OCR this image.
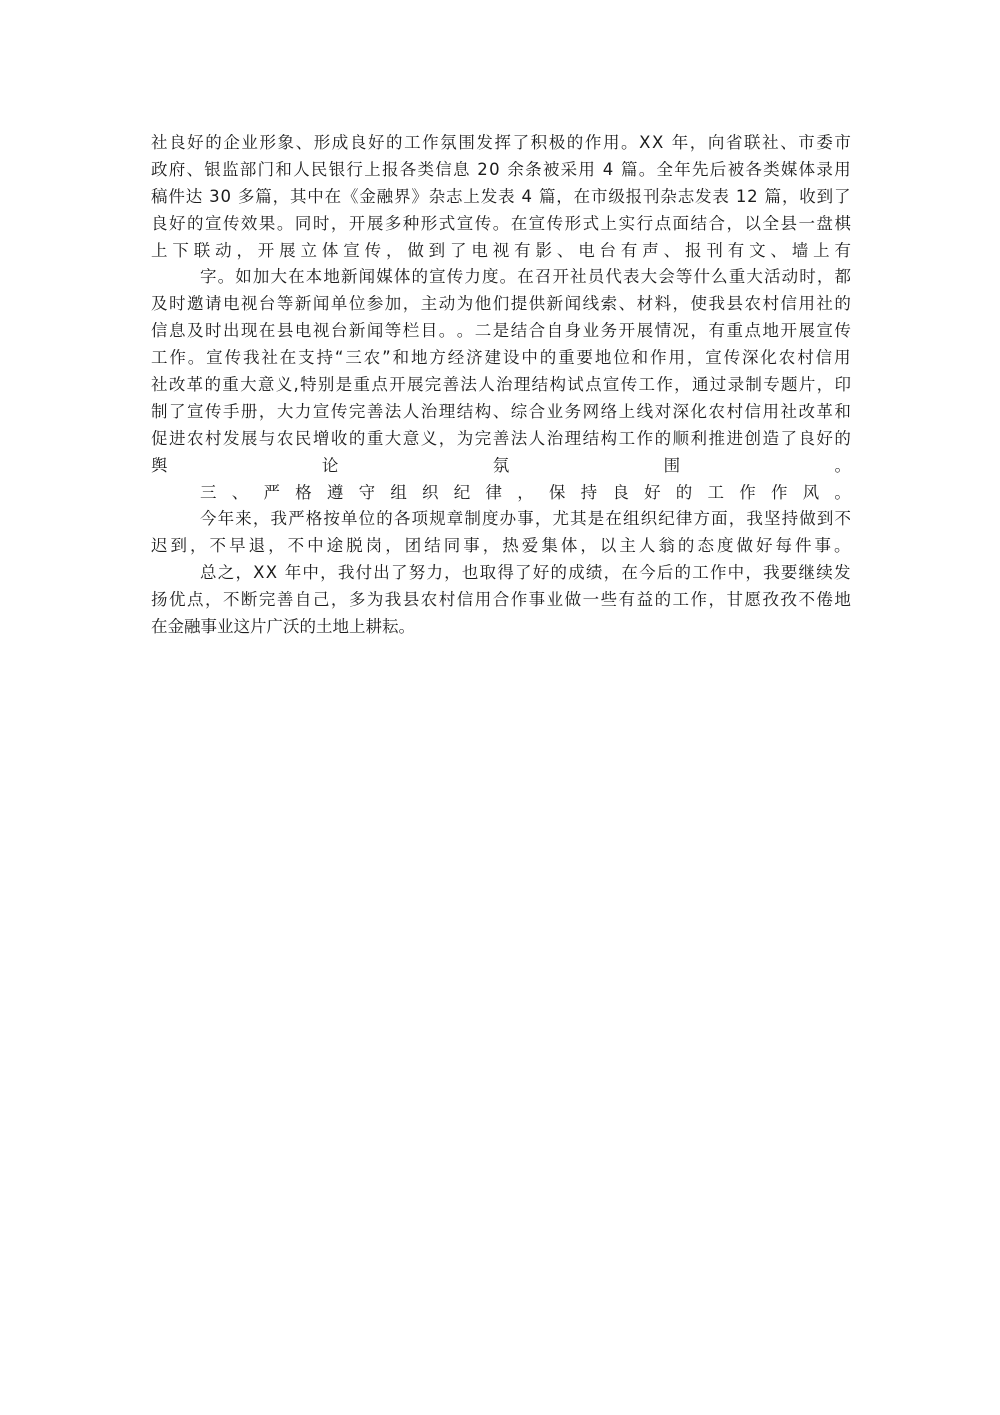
社 良 好 的 企 业 形 象 、 形 成 良 好 的 工 作 氛 围 发 挥 了 积 极 的 作 用 。 X X
年 ， 向 省 联 社 、 市 委 市
政 府 、 银 监 部 门 和 人 民 银 行 上 报 各 类 信 息
2 0
余 条 被 采 用
4
篇 。 全 年 先 后 被 各 类 媒 体 录 用
稿 件 达
3 0
多 篇 ， 其 中 在 《 金 融 界 》 杂 志 上 发 表
4
篇 ， 在 市 级 报 刊 杂 志 发 表
1 2
篇 ， 收 到 了
良 好 的 宣 传 效 果 。 同 时 ， 开 展 多 种 形 式 宣 传 。 在 宣 传 形 式 上 实 行 点 面 结 合 ， 以 全 县 一 盘 棋
上 下 联 动 ， 开 展 立 体 宣 传 ， 做 到 了 电 视 有 影 、 电 台 有 声 、 报 刊 有 文 、 墙 上 有
字 。 如 加 大 在 本 地 新 闻 媒 体 的 宣 传 力 度 。 在 召 开 社 员 代 表 大 会 等 什 么 重 大 活 动 时 ， 都
及 时 邀 请 电 视 台 等 新 闻 单 位 参 加 ， 主 动 为 他 们 提 供 新 闻 线 索 、 材 料 ， 使 我 县 农 村 信 用 社 的
信 息 及 时 出 现 在 县 电 视 台 新 闻 等 栏 目 。 。 二 是 结 合 自 身 业 务 开 展 情 况 ， 有 重 点 地 开 展 宣 传
工 作 。 宣 传 我 社 在 支 持 “ 三 农 ” 和 地 方 经 济 建 设 中 的 重 要 地 位 和 作 用 ， 宣 传 深 化 农 村 信 用
社 改 革 的 重 大 意 义 , 特 别 是 重 点 开 展 完 善 法 人 治 理 结 构 试 点 宣 传 工 作 ， 通 过 录 制 专 题 片 ， 印
制 了 宣 传 手 册 ， 大 力 宣 传 完 善 法 人 治 理 结 构 、 综 合 业 务 网 络 上 线 对 深 化 农 村 信 用 社 改 革 和
促 进 农 村 发 展 与 农 民 增 收 的 重 大 意 义 ， 为 完 善 法 人 治 理 结 构 工 作 的 顺 利 推 进 创 造 了 良 好 的
舆	论	氛	围	。
三 、 严 格 遵 守 组 织 纪 律 ， 保 持 良 好 的 工 作 作 风 。
今 年 来 ， 我 严 格 按 单 位 的 各 项 规 章 制 度 办 事 ， 尤 其 是 在 组 织 纪 律 方 面 ， 我 坚 持 做 到 不
迟 到 ， 不 早 退 ， 不 中 途 脱 岗 ， 团 结 同 事 ， 热 爱 集 体 ， 以 主 人 翁 的 态 度 做 好 每 件 事 。
总 之 ， X X
年 中 ， 我 付 出 了 努 力 ， 也 取 得 了 好 的 成 绩 ， 在 今 后 的 工 作 中 ， 我 要 继 续 发
扬 优 点 ， 不 断 完 善 自 己 ， 多 为 我 县 农 村 信 用 合 作 事 业 做 一 些 有 益 的 工 作 ， 甘 愿 孜 孜 不 倦 地
在金融事业这片广沃的土地上耕耘。
